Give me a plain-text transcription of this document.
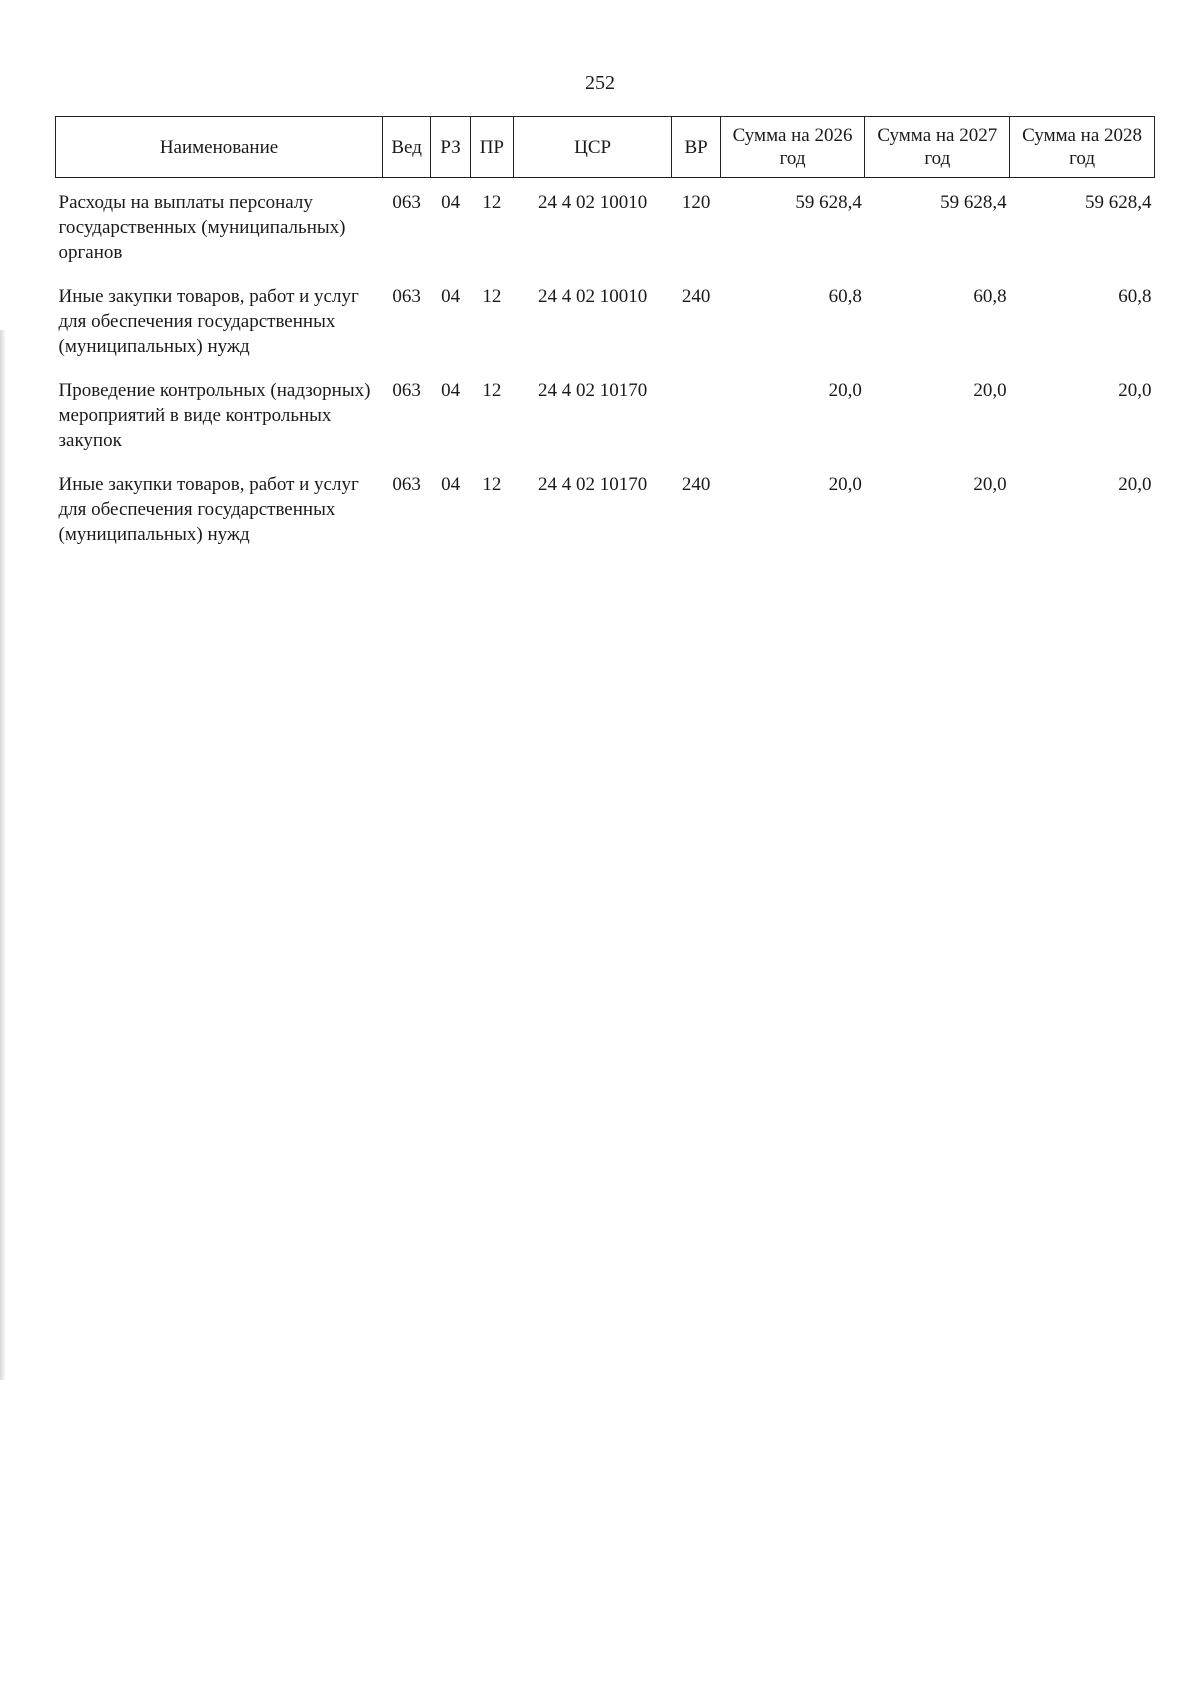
252
Наименование	Вед	РЗ	ПР	ЦСР	ВР	Сумма на 2026 год	Сумма на 2027 год	Сумма на 2028 год
Расходы на выплаты персоналу государственных (муниципальных) органов	063	04	12	24 4 02 10010	120	59 628,4	59 628,4	59 628,4
Иные закупки товаров, работ и услуг для обеспечения государственных (муниципальных) нужд	063	04	12	24 4 02 10010	240	60,8	60,8	60,8
Проведение контрольных (надзорных) мероприятий в виде контрольных закупок	063	04	12	24 4 02 10170		20,0	20,0	20,0
Иные закупки товаров, работ и услуг для обеспечения государственных (муниципальных) нужд	063	04	12	24 4 02 10170	240	20,0	20,0	20,0
